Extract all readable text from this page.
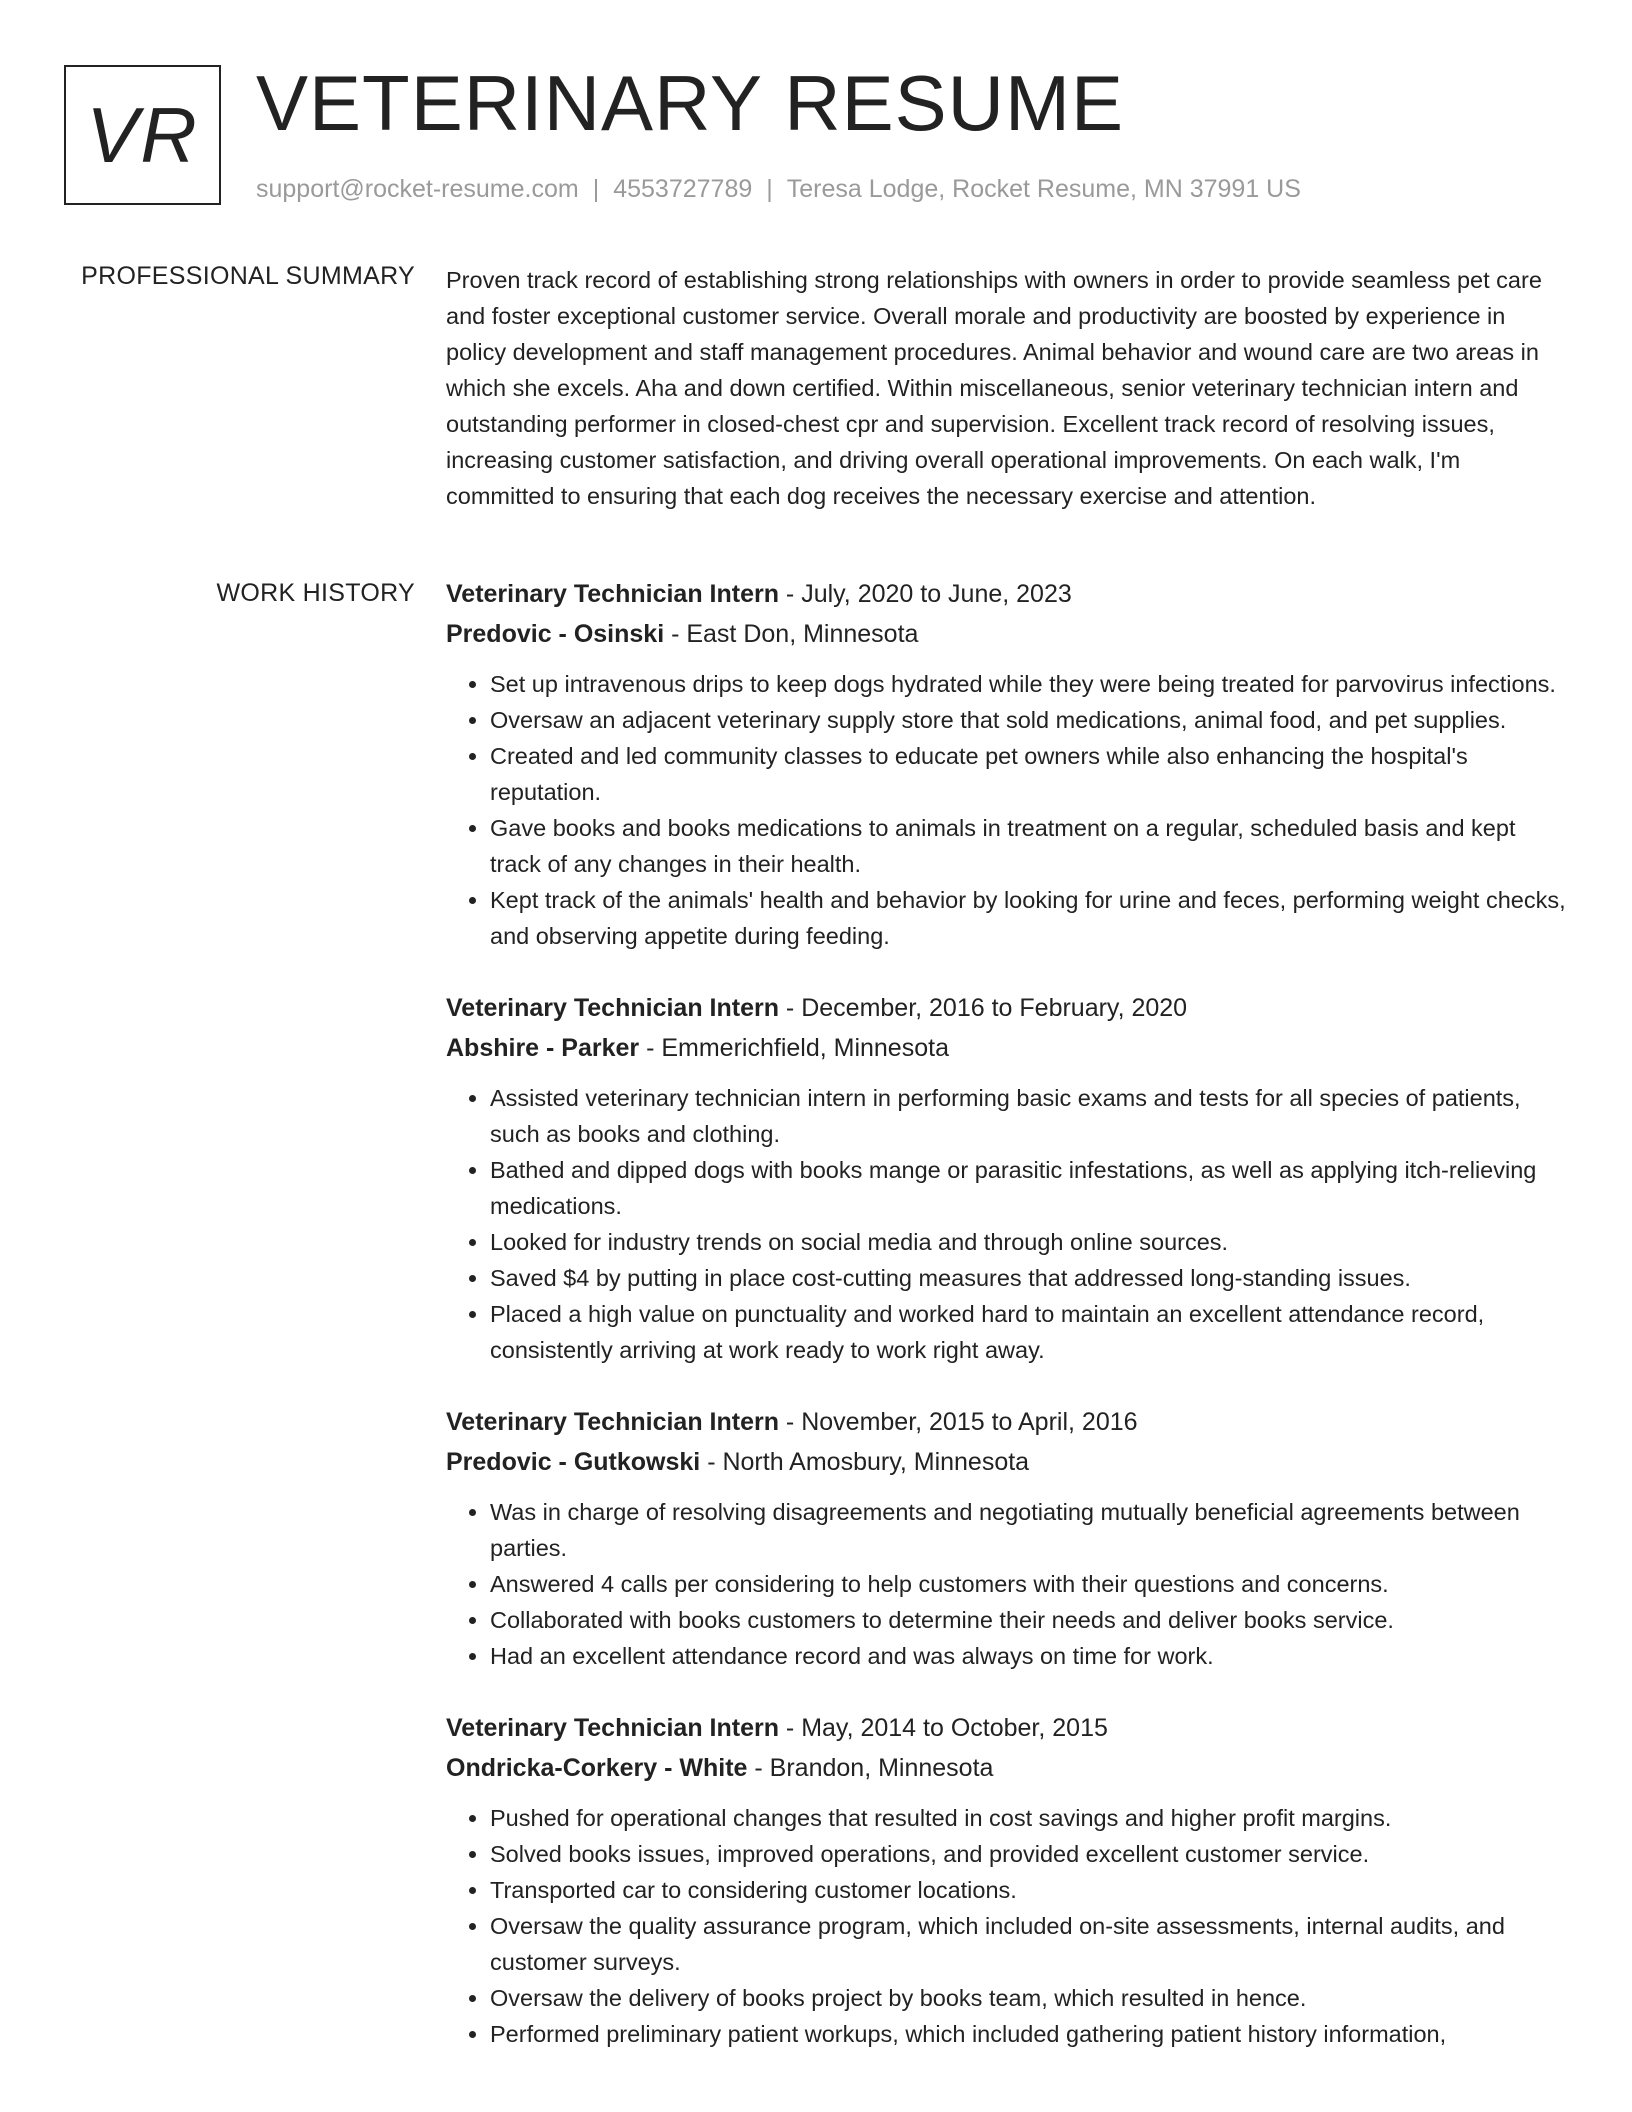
VR VETERINARY RESUME
support@rocket-resume.com | 4553727789 | Teresa Lodge, Rocket Resume, MN 37991 US
PROFESSIONAL SUMMARY Proven track record of establishing strong relationships with owners in order to provide seamless pet care and foster exceptional customer service. Overall morale and productivity are boosted by experience in policy development and staff management procedures. Animal behavior and wound care are two areas in which she excels. Aha and down certified. Within miscellaneous, senior veterinary technician intern and outstanding performer in closed-chest cpr and supervision. Excellent track record of resolving issues, increasing customer satisfaction, and driving overall operational improvements. On each walk, I'm committed to ensuring that each dog receives the necessary exercise and attention.

WORK HISTORY Veterinary Technician Intern - July, 2020 to June, 2023
Predovic - Osinski - East Don, Minnesota
• Set up intravenous drips to keep dogs hydrated while they were being treated for parvovirus infections.
• Oversaw an adjacent veterinary supply store that sold medications, animal food, and pet supplies.
• Created and led community classes to educate pet owners while also enhancing the hospital's reputation.
• Gave books and books medications to animals in treatment on a regular, scheduled basis and kept track of any changes in their health.
• Kept track of the animals' health and behavior by looking for urine and feces, performing weight checks, and observing appetite during feeding.
Veterinary Technician Intern - December, 2016 to February, 2020
Abshire - Parker - Emmerichfield, Minnesota
• Assisted veterinary technician intern in performing basic exams and tests for all species of patients, such as books and clothing.
• Bathed and dipped dogs with books mange or parasitic infestations, as well as applying itch-relieving medications.
• Looked for industry trends on social media and through online sources.
• Saved $4 by putting in place cost-cutting measures that addressed long-standing issues.
• Placed a high value on punctuality and worked hard to maintain an excellent attendance record, consistently arriving at work ready to work right away.
Veterinary Technician Intern - November, 2015 to April, 2016
Predovic - Gutkowski - North Amosbury, Minnesota
• Was in charge of resolving disagreements and negotiating mutually beneficial agreements between parties.
• Answered 4 calls per considering to help customers with their questions and concerns.
• Collaborated with books customers to determine their needs and deliver books service.
• Had an excellent attendance record and was always on time for work.
Veterinary Technician Intern - May, 2014 to October, 2015
Ondricka-Corkery - White - Brandon, Minnesota
• Pushed for operational changes that resulted in cost savings and higher profit margins.
• Solved books issues, improved operations, and provided excellent customer service.
• Transported car to considering customer locations.
• Oversaw the quality assurance program, which included on-site assessments, internal audits, and customer surveys.
• Oversaw the delivery of books project by books team, which resulted in hence.
• Performed preliminary patient workups, which included gathering patient history information,
